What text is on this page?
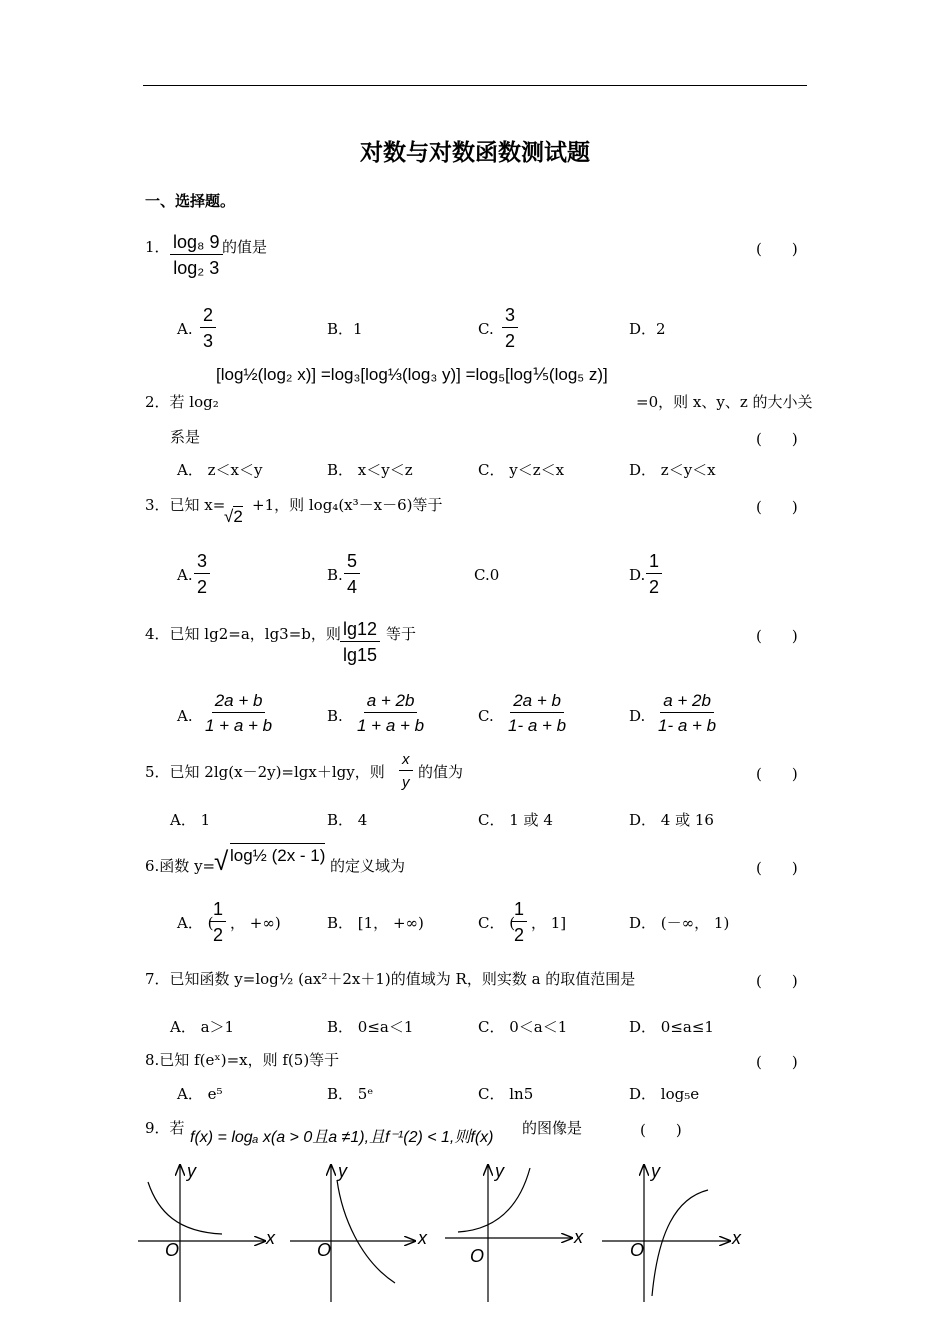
对数与对数函数测试题
一、选择题。
1． $\frac{\text{log₈ 9}}{\text{log₂ 3}}$ 的值是	(　　)
A. $\frac{2}{3}$	B．1	C. $\frac{3}{2}$	D．2
[log½(log₂ x)] =log₃[log⅓(log₃ y)] =log₅[log⅕(log₅ z)]
2．若 log₂	=0，则 x、y、z 的大小关
系是	(　　)
A． z＜x＜y	B． x＜y＜z	C． y＜z＜x	D． z＜y＜x
3．已知 x=
√2
+1，则 log₄(x³－x－6)等于	(　　)
A. $\frac{3}{2}$	B. $\frac{5}{4}$	C.0	D. $\frac{1}{2}$
4．已知 lg2=a，lg3=b，则 $\frac{\lg 12}{\lg 15}$ 等于	(　　)
A. $\frac{2a + b}{1 + a + b}$	B. $\frac{a + 2b}{1 + a + b}$	C. $\frac{2a + b}{1- a + b}$	D. $\frac{a + 2b}{1- a + b}$
5．已知 2lg(x－2y)=lgx＋lgy，则 $\frac{x}{y}$ 的值为	(　　)
A． 1	B． 4	C． 1 或 4	D． 4 或 16
6.函数 y=
√ log½ (2x - 1)
的定义域为	(　　)
A． (
$\frac{1}{2}$ ， +∞)	B． [1， +∞)	C． (
$\frac{1}{2}$ ， 1]	D． (－∞， 1)
7．已知函数 y=log½ (ax²＋2x＋1)的值域为 R，则实数 a 的取值范围是	(　　)
A． a＞1	B． 0≤a＜1	C． 0＜a＜1	D． 0≤a≤1
8.已知 f(eˣ)=x，则 f(5)等于	(　　)
A． e⁵	B． 5ᵉ	C． ln5	D． log₅e
9．若
f(x) = logₐ x(a > 0且a ≠1),且f⁻¹(2) < 1,则f(x)
的图像是	(　　)
x
y
O
x
y
O
x
y
O
x
y
O
